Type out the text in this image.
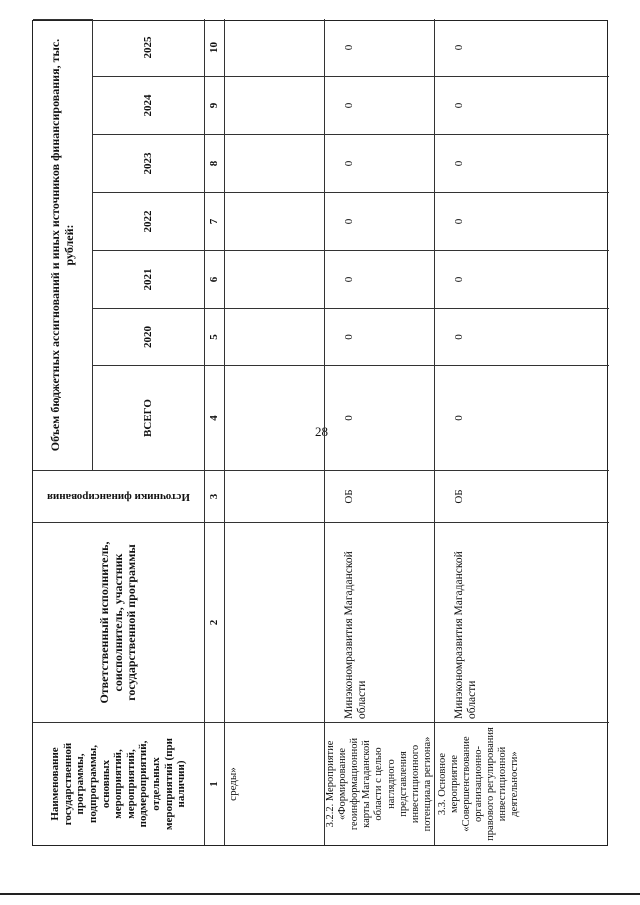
28
Наименование государственной программы, подпрограммы, основных мероприятий, мероприятий, подмероприятий, отдельных мероприятий (при наличии)
Ответственный исполнитель, соисполнитель, участник государственной программы
Источники финансирования
Объем бюджетных ассигнований и иных источников финансирования, тыс. рублей:
ВСЕГО
2020
2021
2022
2023
2024
2025
1
2
3
4
5
6
7
8
9
10
среды»	3.2.2. Мероприятие «Формирование геоинформационной карты Магаданской области с целью наглядного представления инвестиционного потенциала региона»
Минэкономразвития Магаданской области
ОБ
0
0
0
0
0
0
0
3.3. Основное мероприятие «Совершенствование организационно-правового регулирования инвестиционной деятельности»
Минэкономразвития Магаданской области
ОБ
0
0
0
0
0
0
0
